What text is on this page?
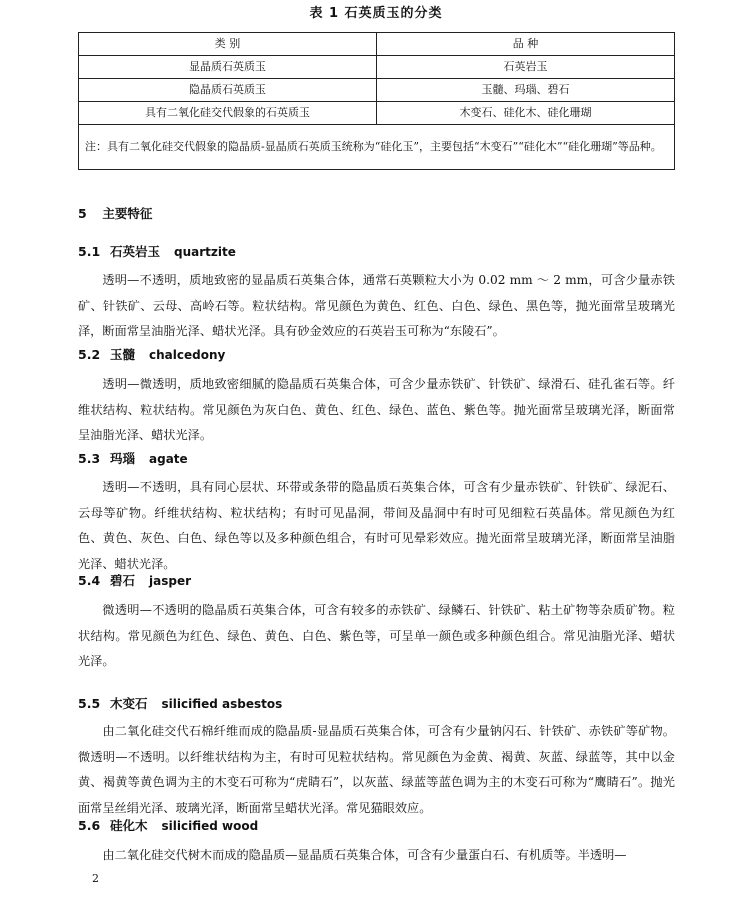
表 1 石英质玉的分类
类 别	品 种
显晶质石英质玉	石英岩玉
隐晶质石英质玉	玉髓、玛瑙、碧石
具有二氧化硅交代假象的石英质玉	木变石、硅化木、硅化珊瑚
注：具有二氧化硅交代假象的隐晶质-显晶质石英质玉统称为“硅化玉”，主要包括“木变石”“硅化木”“硅化珊瑚”等品种。	
5 主要特征
5.1 石英岩玉 quartzite
透明—不透明，质地致密的显晶质石英集合体，通常石英颗粒大小为 0.02 mm ～ 2 mm，可含少量赤铁矿、针铁矿、云母、高岭石等。粒状结构。常见颜色为黄色、红色、白色、绿色、黑色等，抛光面常呈玻璃光泽，断面常呈油脂光泽、蜡状光泽。具有砂金效应的石英岩玉可称为“东陵石”。
5.2 玉髓 chalcedony
透明—微透明，质地致密细腻的隐晶质石英集合体，可含少量赤铁矿、针铁矿、绿滑石、硅孔雀石等。纤维状结构、粒状结构。常见颜色为灰白色、黄色、红色、绿色、蓝色、紫色等。抛光面常呈玻璃光泽，断面常呈油脂光泽、蜡状光泽。
5.3 玛瑙 agate
透明—不透明，具有同心层状、环带或条带的隐晶质石英集合体，可含有少量赤铁矿、针铁矿、绿泥石、云母等矿物。纤维状结构、粒状结构；有时可见晶洞，带间及晶洞中有时可见细粒石英晶体。常见颜色为红色、黄色、灰色、白色、绿色等以及多种颜色组合，有时可见晕彩效应。抛光面常呈玻璃光泽，断面常呈油脂光泽、蜡状光泽。
5.4 碧石 jasper
微透明—不透明的隐晶质石英集合体，可含有较多的赤铁矿、绿鳞石、针铁矿、粘土矿物等杂质矿物。粒状结构。常见颜色为红色、绿色、黄色、白色、紫色等，可呈单一颜色或多种颜色组合。常见油脂光泽、蜡状光泽。
5.5 木变石 silicified asbestos
由二氧化硅交代石棉纤维而成的隐晶质-显晶质石英集合体，可含有少量钠闪石、针铁矿、赤铁矿等矿物。微透明—不透明。以纤维状结构为主，有时可见粒状结构。常见颜色为金黄、褐黄、灰蓝、绿蓝等，其中以金黄、褐黄等黄色调为主的木变石可称为“虎睛石”，以灰蓝、绿蓝等蓝色调为主的木变石可称为“鹰睛石”。抛光面常呈丝绢光泽、玻璃光泽，断面常呈蜡状光泽。常见猫眼效应。
5.6 硅化木 silicified wood
由二氧化硅交代树木而成的隐晶质—显晶质石英集合体，可含有少量蛋白石、有机质等。半透明—
2
